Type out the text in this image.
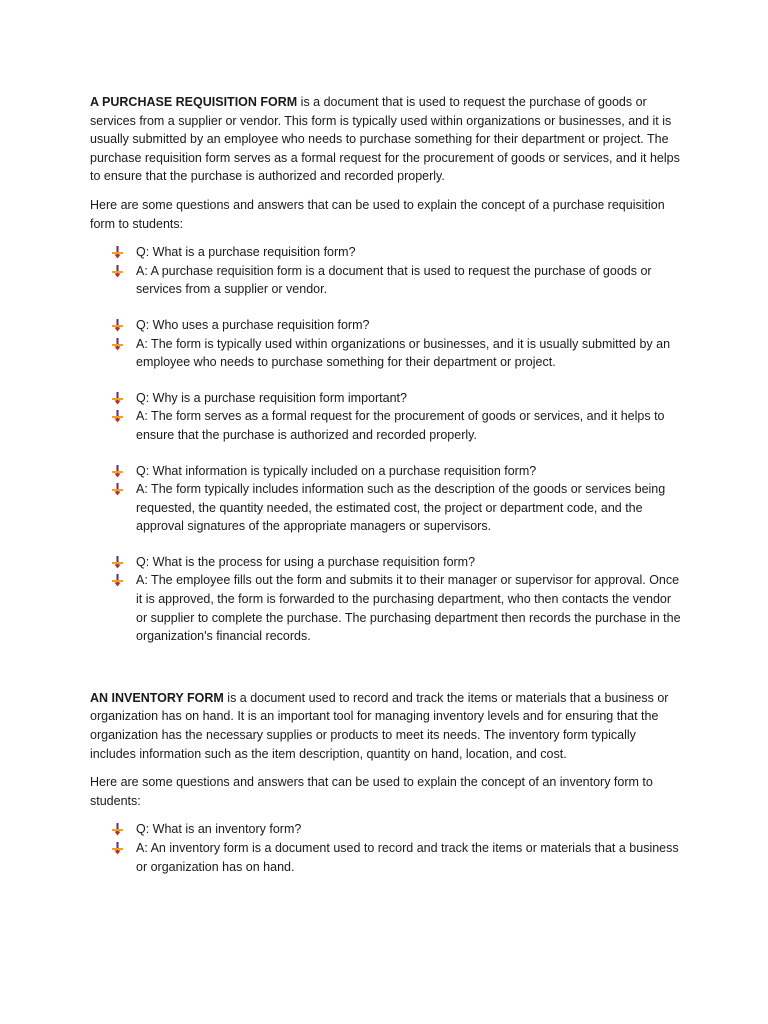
A PURCHASE REQUISITION FORM is a document that is used to request the purchase of goods or services from a supplier or vendor. This form is typically used within organizations or businesses, and it is usually submitted by an employee who needs to purchase something for their department or project. The purchase requisition form serves as a formal request for the procurement of goods or services, and it helps to ensure that the purchase is authorized and recorded properly.

Here are some questions and answers that can be used to explain the concept of a purchase requisition form to students:

Q: What is a purchase requisition form?
A: A purchase requisition form is a document that is used to request the purchase of goods or services from a supplier or vendor.
Q: Who uses a purchase requisition form?
A: The form is typically used within organizations or businesses, and it is usually submitted by an employee who needs to purchase something for their department or project.
Q: Why is a purchase requisition form important?
A: The form serves as a formal request for the procurement of goods or services, and it helps to ensure that the purchase is authorized and recorded properly.
Q: What information is typically included on a purchase requisition form?
A: The form typically includes information such as the description of the goods or services being requested, the quantity needed, the estimated cost, the project or department code, and the approval signatures of the appropriate managers or supervisors.
Q: What is the process for using a purchase requisition form?
A: The employee fills out the form and submits it to their manager or supervisor for approval. Once it is approved, the form is forwarded to the purchasing department, who then contacts the vendor or supplier to complete the purchase. The purchasing department then records the purchase in the organization's financial records.

AN INVENTORY FORM is a document used to record and track the items or materials that a business or organization has on hand. It is an important tool for managing inventory levels and for ensuring that the organization has the necessary supplies or products to meet its needs. The inventory form typically includes information such as the item description, quantity on hand, location, and cost.

Here are some questions and answers that can be used to explain the concept of an inventory form to students:

Q: What is an inventory form?
A: An inventory form is a document used to record and track the items or materials that a business or organization has on hand.
